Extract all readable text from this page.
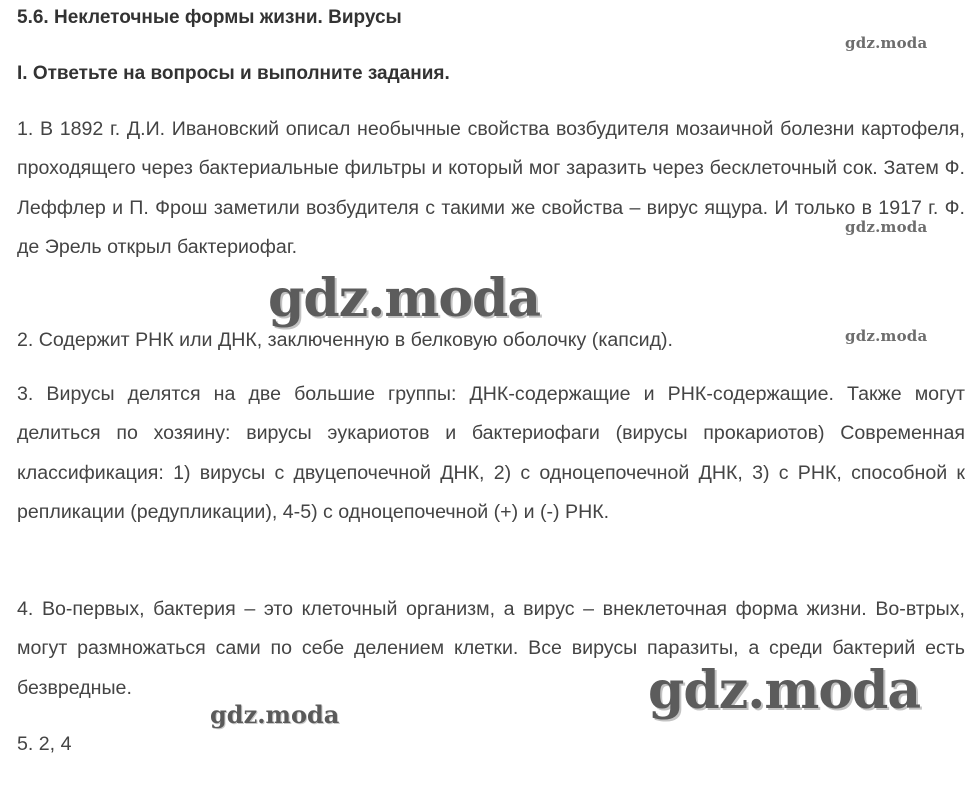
5.6. Неклеточные формы жизни. Вирусы
I. Ответьте на вопросы и выполните задания.

1. В 1892 г. Д.И. Ивановский описал необычные свойства возбудителя мозаичной болезни картофеля, проходящего через бактериальные фильтры и который мог заразить через бесклеточный сок. Затем Ф. Леффлер и П. Фрош заметили возбудителя с такими же свойства – вирус ящура. И только в 1917 г. Ф. де Эрель открыл бактериофаг.

2. Содержит РНК или ДНК, заключенную в белковую оболочку (капсид).

3. Вирусы делятся на две большие группы: ДНК-содержащие и РНК-содержащие. Также могут делиться по хозяину: вирусы эукариотов и бактериофаги (вирусы прокариотов) Современная классификация: 1) вирусы с двуцепочечной ДНК, 2) с одноцепочечной ДНК, 3) с РНК, способной к репликации (редупликации), 4-5) с одноцепочечной (+) и (-) РНК.

4. Во-первых, бактерия – это клеточный организм, а вирус – внеклеточная форма жизни. Во-втрых, могут размножаться сами по себе делением клетки. Все вирусы паразиты, а среди бактерий есть безвредные.

5. 2, 4

gdz.moda
gdz.moda
gdz.moda
gdz.moda
gdz.moda
gdz.moda
